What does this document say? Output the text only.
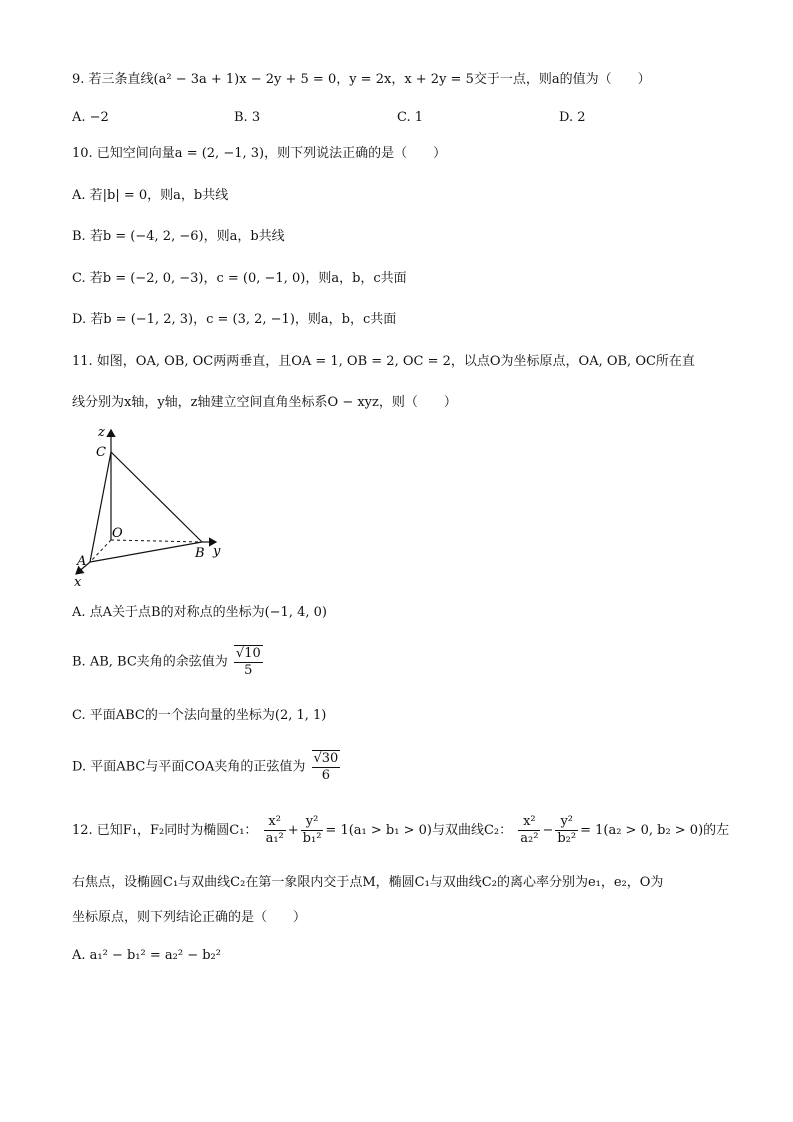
9. 若三条直线(a² − 3a + 1)x − 2y + 5 = 0，y = 2x，x + 2y = 5交于一点，则a的值为（　　）
A. −2	B. 3	C. 1	D. 2
10. 已知空间向量a = (2, −1, 3)，则下列说法正确的是（　　）
A. 若|b| = 0，则a，b共线
B. 若b = (−4, 2, −6)，则a，b共线
C. 若b = (−2, 0, −3)，c = (0, −1, 0)，则a，b，c共面
D. 若b = (−1, 2, 3)，c = (3, 2, −1)，则a，b，c共面
11. 如图，OA, OB, OC两两垂直，且OA = 1, OB = 2, OC = 2，以点O为坐标原点，OA, OB, OC所在直
线分别为x轴，y轴，z轴建立空间直角坐标系O − xyz，则（　　）
z
C
O
A
B y
x
A. 点A关于点B的对称点的坐标为(−1, 4, 0)
B. AB, BC夹角的余弦值为 $\frac{√10}{5}$
C. 平面ABC的一个法向量的坐标为(2, 1, 1)
D. 平面ABC与平面COA夹角的正弦值为 $\frac{√30}{6}$
12. 已知F₁，F₂同时为椭圆C₁： $\frac{\text{x²}}{\text{a₁²}} + \frac{\text{y²}}{\text{b₁²}} = 1(a_1 > b_1 > 0)$与双曲线C₂： $\frac{\text{x²}}{\text{a₂²}} - \frac{\text{y²}}{\text{b₂²}} = 1(a_2 > 0$, b₂ > 0)的左
右焦点，设椭圆C₁与双曲线C₂在第一象限内交于点M，椭圆C₁与双曲线C₂的离心率分别为e₁，e₂，O为
坐标原点，则下列结论正确的是（　　）
A. a₁² − b₁² = a₂² − b₂²
